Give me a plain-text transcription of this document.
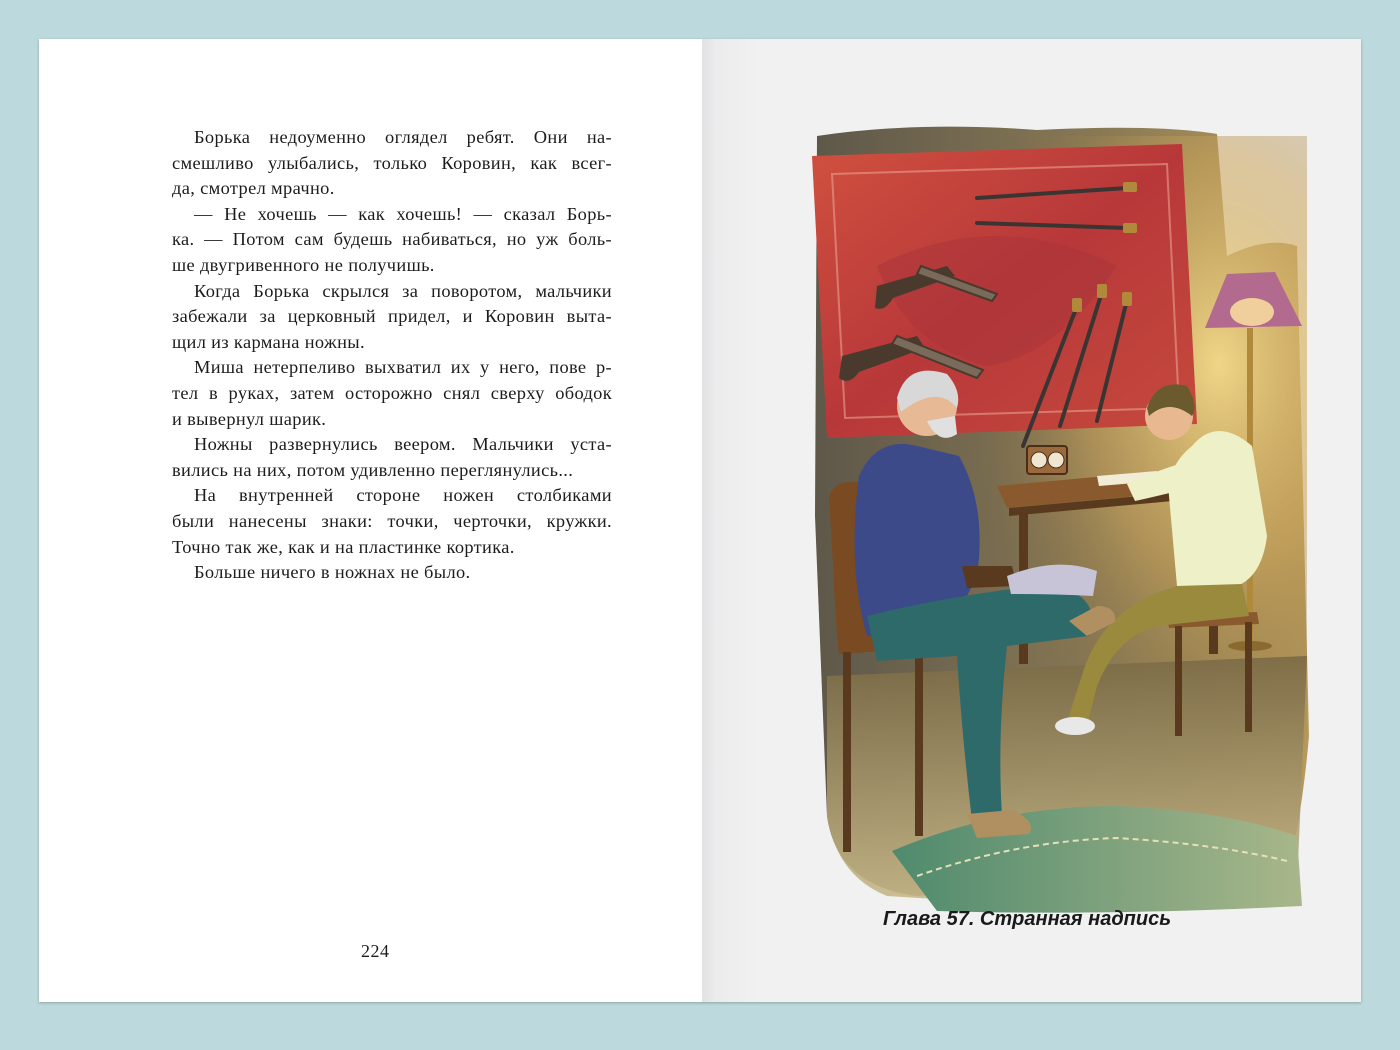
Борька недоуменно оглядел ребят. Они на-
смешливо улыбались, только Коровин, как всег-
да, смотрел мрачно.
— Не хочешь — как хочешь! — сказал Борь-
ка. — Потом сам будешь набиваться, но уж боль-
ше двугривенного не получишь.
Когда Борька скрылся за поворотом, мальчики
забежали за церковный придел, и Коровин выта-
щил из кармана ножны.
Миша нетерпеливо выхватил их у него, пове р-
тел в руках, затем осторожно снял сверху ободок
и вывернул шарик.
Ножны развернулись веером. Мальчики уста-
вились на них, потом удивленно переглянулись...
На внутренней стороне ножен столбиками
были нанесены знаки: точки, черточки, кружки.
Точно так же, как и на пластинке кортика.
Больше ничего в ножнах не было.
224
Глава 57. Странная надпись
